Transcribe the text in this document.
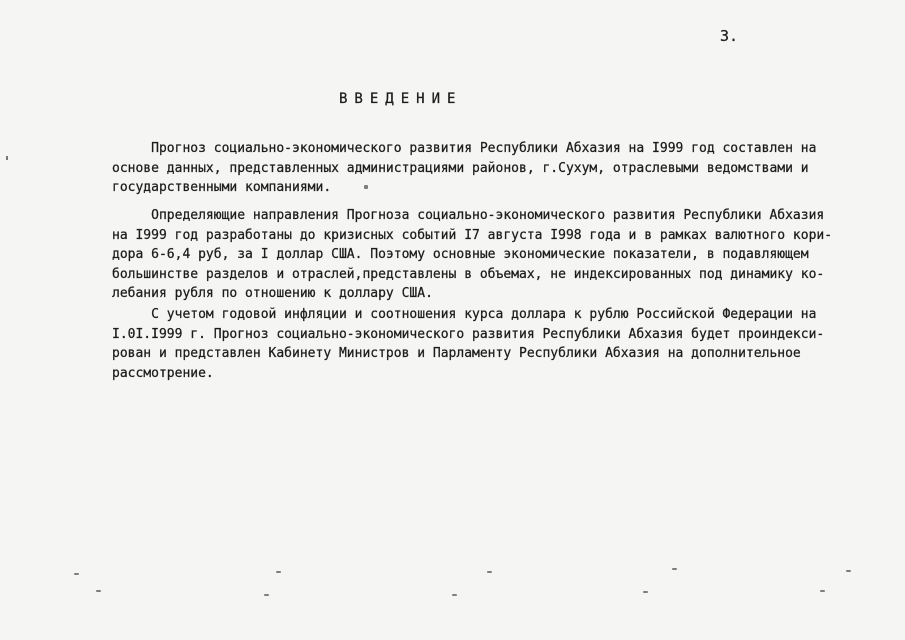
3.
ВВЕДЕНИЕ
Прогноз социально-экономического развития Республики Абхазия на I999 год составлен на
основе данных, представленных администрациями районов, г.Сухум, отраслевыми ведомствами и
государственными компаниями.
Определяющие направления Прогноза социально-экономического развития Республики Абхазия
на I999 год разработаны до кризисных событий I7 августа I998 года и в рамках валютного кори-
дора 6-6,4 руб, за I доллар США. Поэтому основные экономические показатели, в подавляющем
большинстве разделов и отраслей,представлены в объемах, не индексированных под динамику ко-
лебания рубля по отношению к доллару США.
С учетом годовой инфляции и соотношения курса доллара к рублю Российской Федерации на
I.0I.I999 г. Прогноз социально-экономического развития Республики Абхазия будет проиндекси-
рован и представлен Кабинету Министров и Парламенту Республики Абхазия на дополнительное
рассмотрение.
